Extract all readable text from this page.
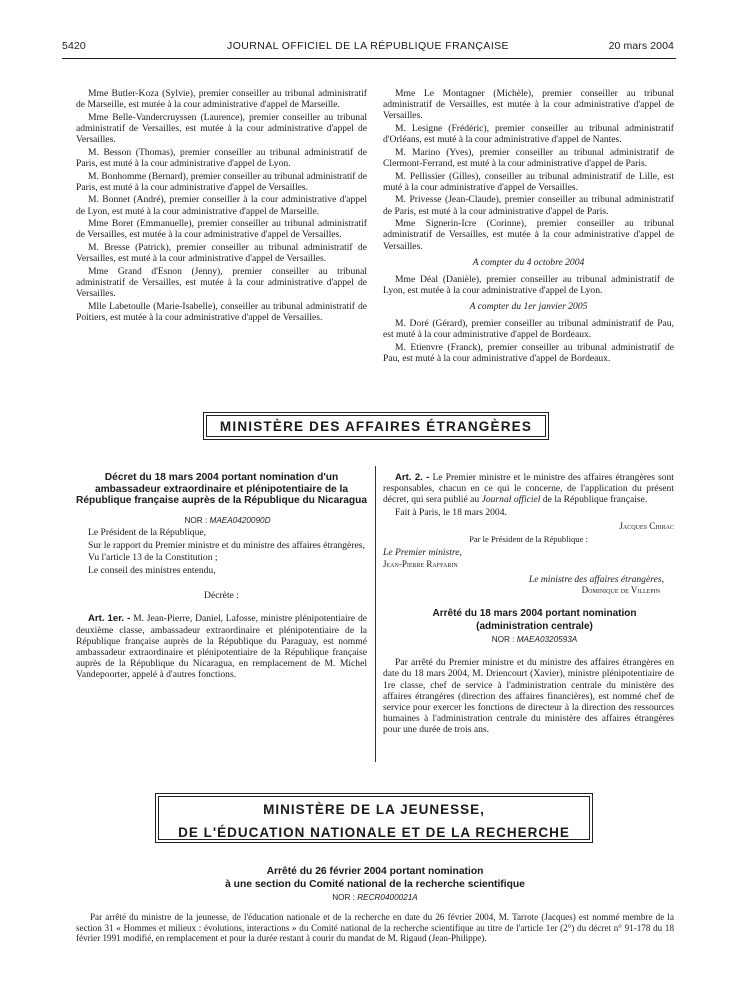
5420	JOURNAL OFFICIEL DE LA RÉPUBLIQUE FRANÇAISE	20 mars 2004

Mme Butler-Koza (Sylvie), premier conseiller au tribunal administratif de Marseille, est mutée à la cour administrative d'appel de Marseille.

Mme Belle-Vandercruyssen (Laurence), premier conseiller au tribunal administratif de Versailles, est mutée à la cour administrative d'appel de Versailles.

M. Besson (Thomas), premier conseiller au tribunal administratif de Paris, est muté à la cour administrative d'appel de Lyon.

M. Bonhomme (Bernard), premier conseiller au tribunal administratif de Paris, est muté à la cour administrative d'appel de Versailles.

M. Bonnet (André), premier conseiller à la cour administrative d'appel de Lyon, est muté à la cour administrative d'appel de Marseille.

Mme Boret (Emmanuelle), premier conseiller au tribunal administratif de Versailles, est mutée à la cour administrative d'appel de Versailles.

M. Bresse (Patrick), premier conseiller au tribunal administratif de Versailles, est muté à la cour administrative d'appel de Versailles.

Mme Grand d'Esnon (Jenny), premier conseiller au tribunal administratif de Versailles, est mutée à la cour administrative d'appel de Versailles.

Mlle Labetoulle (Marie-Isabelle), conseiller au tribunal administratif de Poitiers, est mutée à la cour administrative d'appel de Versailles.

Mme Le Montagner (Michèle), premier conseiller au tribunal administratif de Versailles, est mutée à la cour administrative d'appel de Versailles.

M. Lesigne (Frédéric), premier conseiller au tribunal administratif d'Orléans, est muté à la cour administrative d'appel de Nantes.

M. Marino (Yves), premier conseiller au tribunal administratif de Clermont-Ferrand, est muté à la cour administrative d'appel de Paris.

M. Pellissier (Gilles), conseiller au tribunal administratif de Lille, est muté à la cour administrative d'appel de Versailles.

M. Privesse (Jean-Claude), premier conseiller au tribunal administratif de Paris, est muté à la cour administrative d'appel de Paris.

Mme Signerin-Icre (Corinne), premier conseiller au tribunal administratif de Versailles, est mutée à la cour administrative d'appel de Versailles.

A compter du 4 octobre 2004

Mme Déal (Danièle), premier conseiller au tribunal administratif de Lyon, est mutée à la cour administrative d'appel de Lyon.

A compter du 1er janvier 2005

M. Doré (Gérard), premier conseiller au tribunal administratif de Pau, est muté à la cour administrative d'appel de Bordeaux.

M. Etienvre (Franck), premier conseiller au tribunal administratif de Pau, est muté à la cour administrative d'appel de Bordeaux.

MINISTÈRE DES AFFAIRES ÉTRANGÈRES

Décret du 18 mars 2004 portant nomination d'un ambassadeur extraordinaire et plénipotentiaire de la République française auprès de la République du Nicaragua

NOR : MAEA0420090D

Le Président de la République,

Sur le rapport du Premier ministre et du ministre des affaires étrangères,

Vu l'article 13 de la Constitution ;

Le conseil des ministres entendu,

Décrète :

Art. 1er. - M. Jean-Pierre, Daniel, Lafosse, ministre plénipotentiaire de deuxième classe, ambassadeur extraordinaire et plénipotentiaire de la République française auprès de la République du Paraguay, est nommé ambassadeur extraordinaire et plénipotentiaire de la République française auprès de la République du Nicaragua, en remplacement de M. Michel Vandepoorter, appelé à d'autres fonctions.

Art. 2. - Le Premier ministre et le ministre des affaires étrangères sont responsables, chacun en ce qui le concerne, de l'application du présent décret, qui sera publié au Journal officiel de la République française.

Fait à Paris, le 18 mars 2004.

Jacques Chirac

Par le Président de la République :

Le Premier ministre,

Jean-Pierre Raffarin

Le ministre des affaires étrangères,

Dominique de Villepin

Arrêté du 18 mars 2004 portant nomination

(administration centrale)

NOR : MAEA0320593A

Par arrêté du Premier ministre et du ministre des affaires étrangères en date du 18 mars 2004, M. Driencourt (Xavier), ministre plénipotentiaire de 1re classe, chef de service à l'administration centrale du ministère des affaires étrangères (direction des affaires financières), est nommé chef de service pour exercer les fonctions de directeur à la direction des ressources humaines à l'administration centrale du ministère des affaires étrangères pour une durée de trois ans.

MINISTÈRE DE LA JEUNESSE,
DE L'ÉDUCATION NATIONALE ET DE LA RECHERCHE

Arrêté du 26 février 2004 portant nomination

à une section du Comité national de la recherche scientifique

NOR : RECR0400021A

Par arrêté du ministre de la jeunesse, de l'éducation nationale et de la recherche en date du 26 février 2004, M. Tarrote (Jacques) est nommé membre de la section 31 « Hommes et milieux : évolutions, interactions » du Comité national de la recherche scientifique au titre de l'article 1er (2°) du décret n° 91-178 du 18 février 1991 modifié, en remplacement et pour la durée restant à courir du mandat de M. Rigaud (Jean-Philippe).
